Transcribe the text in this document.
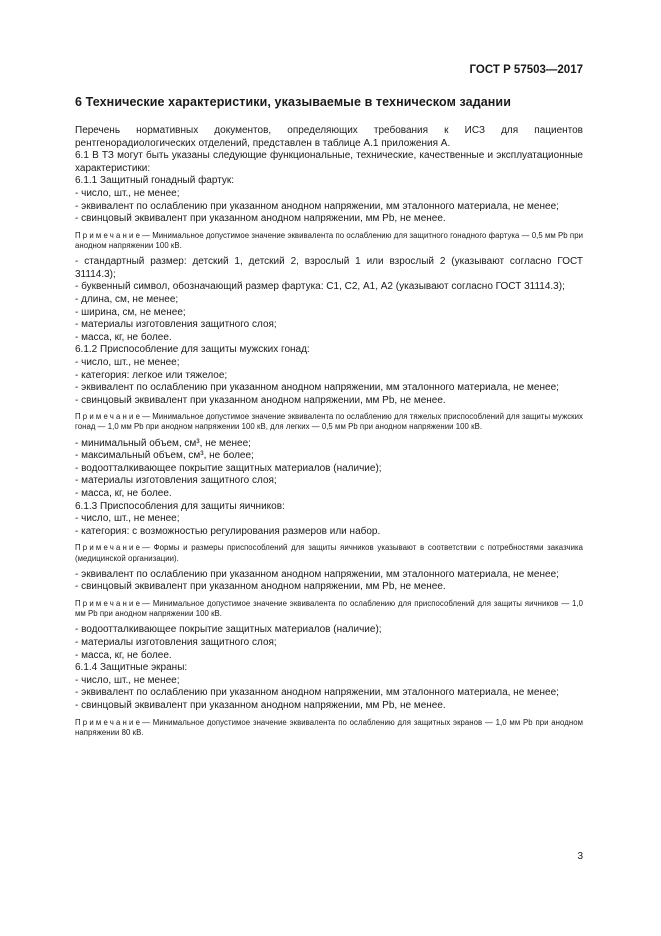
ГОСТ Р 57503—2017
6 Технические характеристики, указываемые в техническом задании

Перечень нормативных документов, определяющих требования к ИСЗ для пациентов рентгенорадиологических отделений, представлен в таблице А.1 приложения А.

6.1 В ТЗ могут быть указаны следующие функциональные, технические, качественные и эксплуатационные характеристики:

6.1.1 Защитный гонадный фартук:

- число, шт., не менее;

- эквивалент по ослаблению при указанном анодном напряжении, мм эталонного материала, не менее;

- свинцовый эквивалент при указанном анодном напряжении, мм Pb, не менее.

Примечание— Минимальное допустимое значение эквивалента по ослаблению для защитного гонадного фартука — 0,5 мм Pb при анодном напряжении 100 кВ.

- стандартный размер: детский 1, детский 2, взрослый 1 или взрослый 2 (указывают согласно ГОСТ 31114.3);

- буквенный символ, обозначающий размер фартука: С1, С2, А1, А2 (указывают согласно ГОСТ 31114.3);

- длина, см, не менее;

- ширина, см, не менее;

- материалы изготовления защитного слоя;

- масса, кг, не более.

6.1.2 Приспособление для защиты мужских гонад:

- число, шт., не менее;

- категория: легкое или тяжелое;

- эквивалент по ослаблению при указанном анодном напряжении, мм эталонного материала, не менее;

- свинцовый эквивалент при указанном анодном напряжении, мм Pb, не менее.

Примечание— Минимальное допустимое значение эквивалента по ослаблению для тяжелых приспособлений для защиты мужских гонад — 1,0 мм Pb при анодном напряжении 100 кВ, для легких — 0,5 мм Pb при анодном напряжении 100 кВ.

- минимальный объем, см³, не менее;

- максимальный объем, см³, не более;

- водоотталкивающее покрытие защитных материалов (наличие);

- материалы изготовления защитного слоя;

- масса, кг, не более.

6.1.3 Приспособления для защиты яичников:

- число, шт., не менее;

- категория: с возможностью регулирования размеров или набор.

Примечание— Формы и размеры приспособлений для защиты яичников указывают в соответствии с потребностями заказчика (медицинской организации).

- эквивалент по ослаблению при указанном анодном напряжении, мм эталонного материала, не менее;

- свинцовый эквивалент при указанном анодном напряжении, мм Pb, не менее.

Примечание— Минимальное допустимое значение эквивалента по ослаблению для приспособлений для защиты яичников — 1,0 мм Pb при анодном напряжении 100 кВ.

- водоотталкивающее покрытие защитных материалов (наличие);

- материалы изготовления защитного слоя;

- масса, кг, не более.

6.1.4 Защитные экраны:

- число, шт., не менее;

- эквивалент по ослаблению при указанном анодном напряжении, мм эталонного материала, не менее;

- свинцовый эквивалент при указанном анодном напряжении, мм Pb, не менее.

Примечание— Минимальное допустимое значение эквивалента по ослаблению для защитных экранов — 1,0 мм Pb при анодном напряжении 80 кВ.

3
